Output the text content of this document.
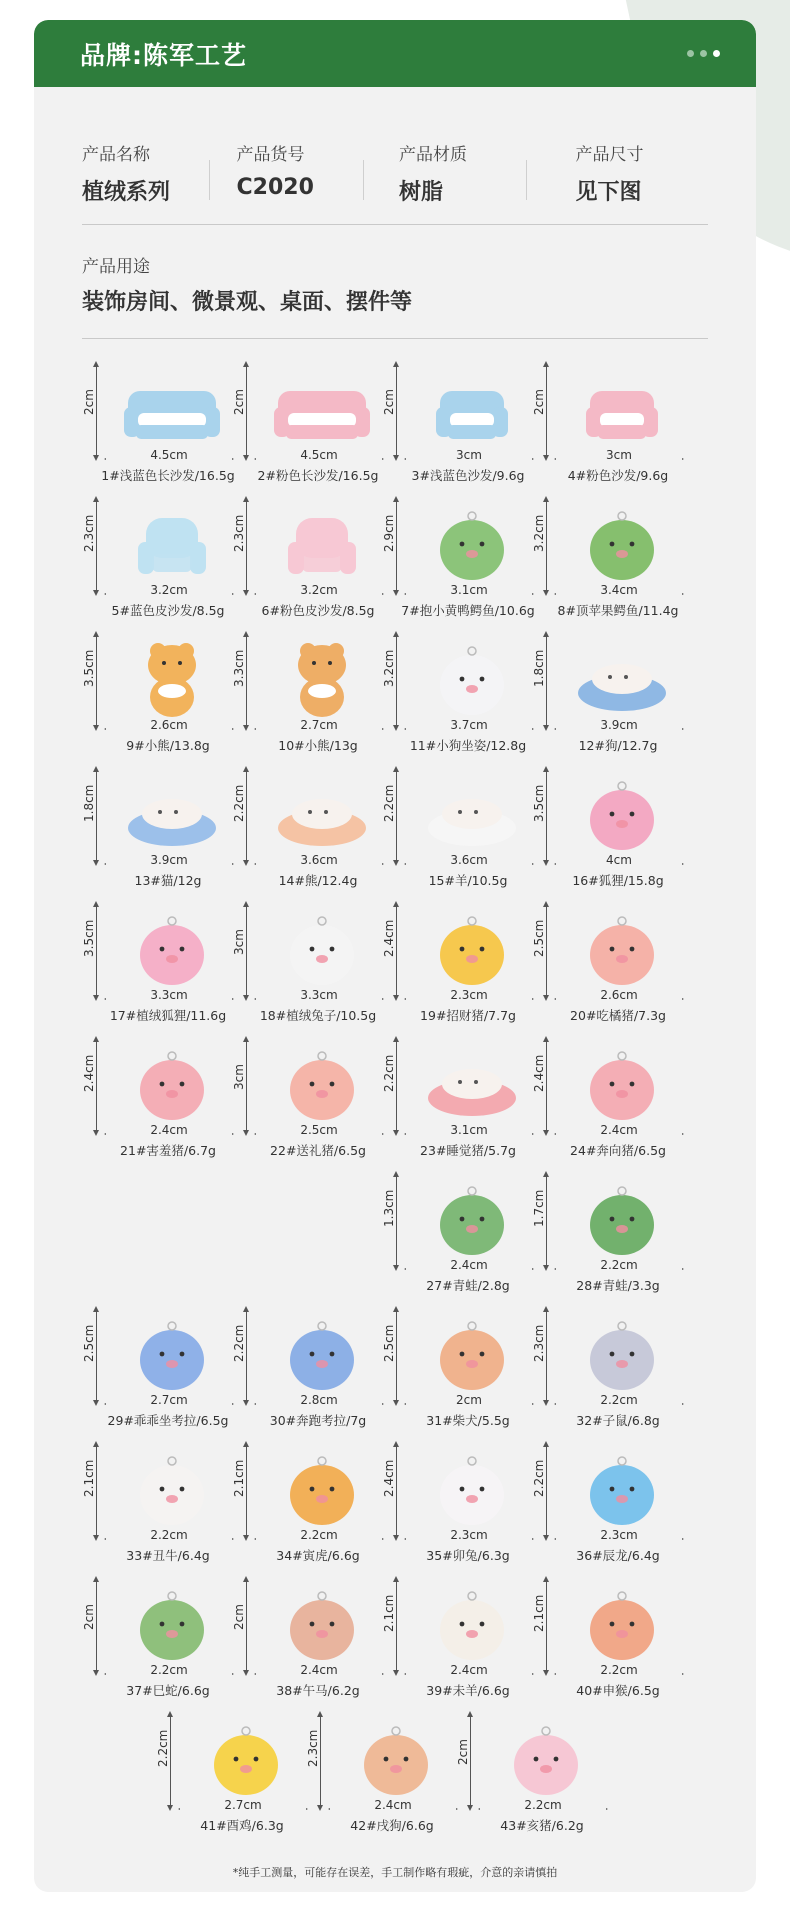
品牌:陈军工艺
产品名称
植绒系列
产品货号
C2020
产品材质
树脂
产品尺寸
见下图
产品用途
装饰房间、微景观、桌面、摆件等
2cm
4.5cm
1#浅蓝色长沙发/16.5g
2cm
4.5cm
2#粉色长沙发/16.5g
2cm
3cm
3#浅蓝色沙发/9.6g
2cm
3cm
4#粉色沙发/9.6g
2.3cm
3.2cm
5#蓝色皮沙发/8.5g
2.3cm
3.2cm
6#粉色皮沙发/8.5g
2.9cm
3.1cm
7#抱小黄鸭鳄鱼/10.6g
3.2cm
3.4cm
8#顶苹果鳄鱼/11.4g
3.5cm
2.6cm
9#小熊/13.8g
3.3cm
2.7cm
10#小熊/13g
3.2cm
3.7cm
11#小狗坐姿/12.8g
1.8cm
3.9cm
12#狗/12.7g
1.8cm
3.9cm
13#猫/12g
2.2cm
3.6cm
14#熊/12.4g
2.2cm
3.6cm
15#羊/10.5g
3.5cm
4cm
16#狐狸/15.8g
3.5cm
3.3cm
17#植绒狐狸/11.6g
3cm
3.3cm
18#植绒兔子/10.5g
2.4cm
2.3cm
19#招财猪/7.7g
2.5cm
2.6cm
20#吃橘猪/7.3g
2.4cm
2.4cm
21#害羞猪/6.7g
3cm
2.5cm
22#送礼猪/6.5g
2.2cm
3.1cm
23#睡觉猪/5.7g
2.4cm
2.4cm
24#奔向猪/6.5g
1.3cm
2.4cm
27#青蛙/2.8g
1.7cm
2.2cm
28#青蛙/3.3g
2.5cm
2.7cm
29#乖乖坐考拉/6.5g
2.2cm
2.8cm
30#奔跑考拉/7g
2.5cm
2cm
31#柴犬/5.5g
2.3cm
2.2cm
32#子鼠/6.8g
2.1cm
2.2cm
33#丑牛/6.4g
2.1cm
2.2cm
34#寅虎/6.6g
2.4cm
2.3cm
35#卯兔/6.3g
2.2cm
2.3cm
36#辰龙/6.4g
2cm
2.2cm
37#巳蛇/6.6g
2cm
2.4cm
38#午马/6.2g
2.1cm
2.4cm
39#未羊/6.6g
2.1cm
2.2cm
40#申猴/6.5g
2.2cm
2.7cm
41#酉鸡/6.3g
2.3cm
2.4cm
42#戌狗/6.6g
2cm
2.2cm
43#亥猪/6.2g
*纯手工测量，可能存在误差，手工制作略有瑕疵，介意的亲请慎拍
